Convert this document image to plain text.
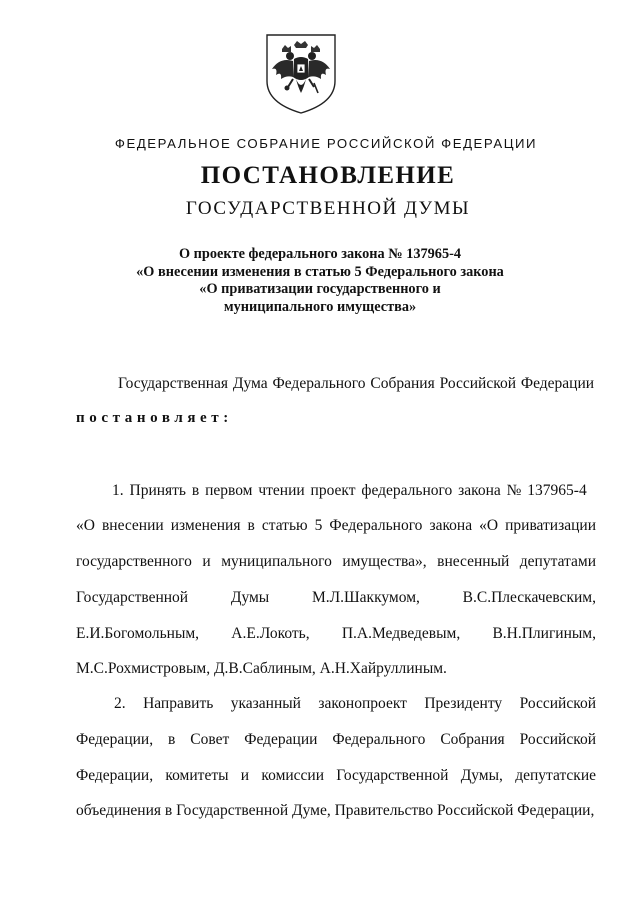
ФЕДЕРАЛЬНОЕ СОБРАНИЕ РОССИЙСКОЙ ФЕДЕРАЦИИ
ПОСТАНОВЛЕНИЕ
ГОСУДАРСТВЕННОЙ ДУМЫ
О проекте федерального закона № 137965-4
«О внесении изменения в статью 5 Федерального закона
«О приватизации государственного и
муниципального имущества»
Государственная Дума Федерального Собрания Российской Федерации
постановляет:
1. Принять в первом чтении проект федерального закона № 137965-4
«О внесении изменения в статью 5 Федерального закона «О приватизации
государственного и муниципального имущества», внесенный депутатами
Государственной Думы М.Л.Шаккумом, В.С.Плескачевским,
Е.И.Богомольным, А.Е.Локоть, П.А.Медведевым, В.Н.Плигиным,
М.С.Рохмистровым, Д.В.Саблиным, А.Н.Хайруллиным.
2. Направить указанный законопроект Президенту Российской
Федерации, в Совет Федерации Федерального Собрания Российской
Федерации, комитеты и комиссии Государственной Думы, депутатские
объединения в Государственной Думе, Правительство Российской Федерации,
